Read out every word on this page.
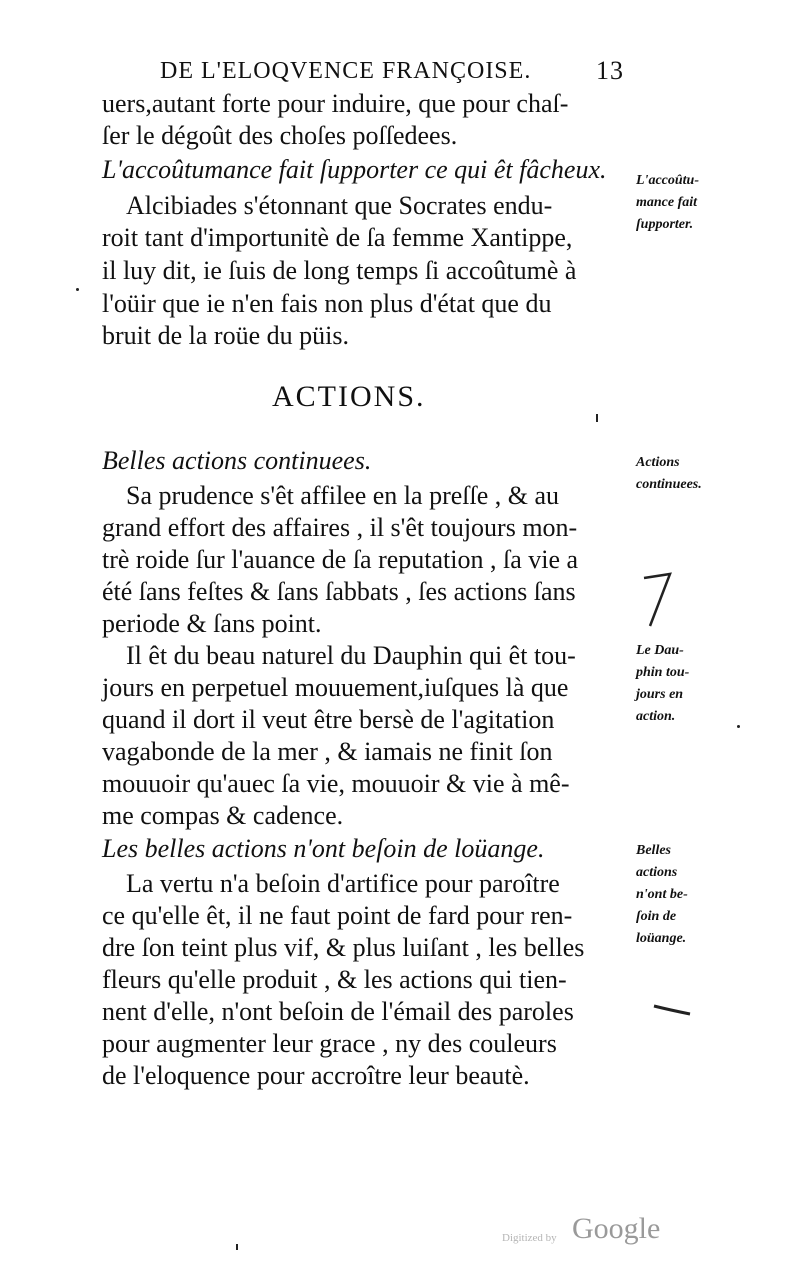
DE L'ELOQVENCE FRANÇOISE. 13
uers,autant forte pour induire, que pour chaſ-
ſer le dégoût des choſes poſſedees.
L'accoûtumance fait ſupporter ce qui êt fâcheux.
Alcibiades s'étonnant que Socrates endu-
roit tant d'importunitè de ſa femme Xantippe,
il luy dit, ie ſuis de long temps ſi accoûtumè à
l'oüir que ie n'en fais non plus d'état que du
bruit de la roüe du püis.
L'accoûtu-
mance fait
ſupporter.
ACTIONS.
Belles actions continuees.
Sa prudence s'êt affilee en la preſſe , & au
grand effort des affaires , il s'êt toujours mon-
trè roide ſur l'auance de ſa reputation , ſa vie a
été ſans feſtes & ſans ſabbats , ſes actions ſans
periode & ſans point.
Actions
continuees.
Il êt du beau naturel du Dauphin qui êt tou-
jours en perpetuel mouuement,iuſques là que
quand il dort il veut être bersè de l'agitation
vagabonde de la mer , & iamais ne finit ſon
mouuoir qu'auec ſa vie, mouuoir & vie à mê-
me compas & cadence.
Le Dau-
phin tou-
jours en
action.
Les belles actions n'ont beſoin de loüange.
La vertu n'a beſoin d'artifice pour paroître
ce qu'elle êt, il ne faut point de fard pour ren-
dre ſon teint plus vif, & plus luiſant , les belles
fleurs qu'elle produit , & les actions qui tien-
nent d'elle, n'ont beſoin de l'émail des paroles
pour augmenter leur grace , ny des couleurs
de l'eloquence pour accroître leur beautè.
Belles
actions
n'ont be-
ſoin de
loüange.
Digitized by Google
